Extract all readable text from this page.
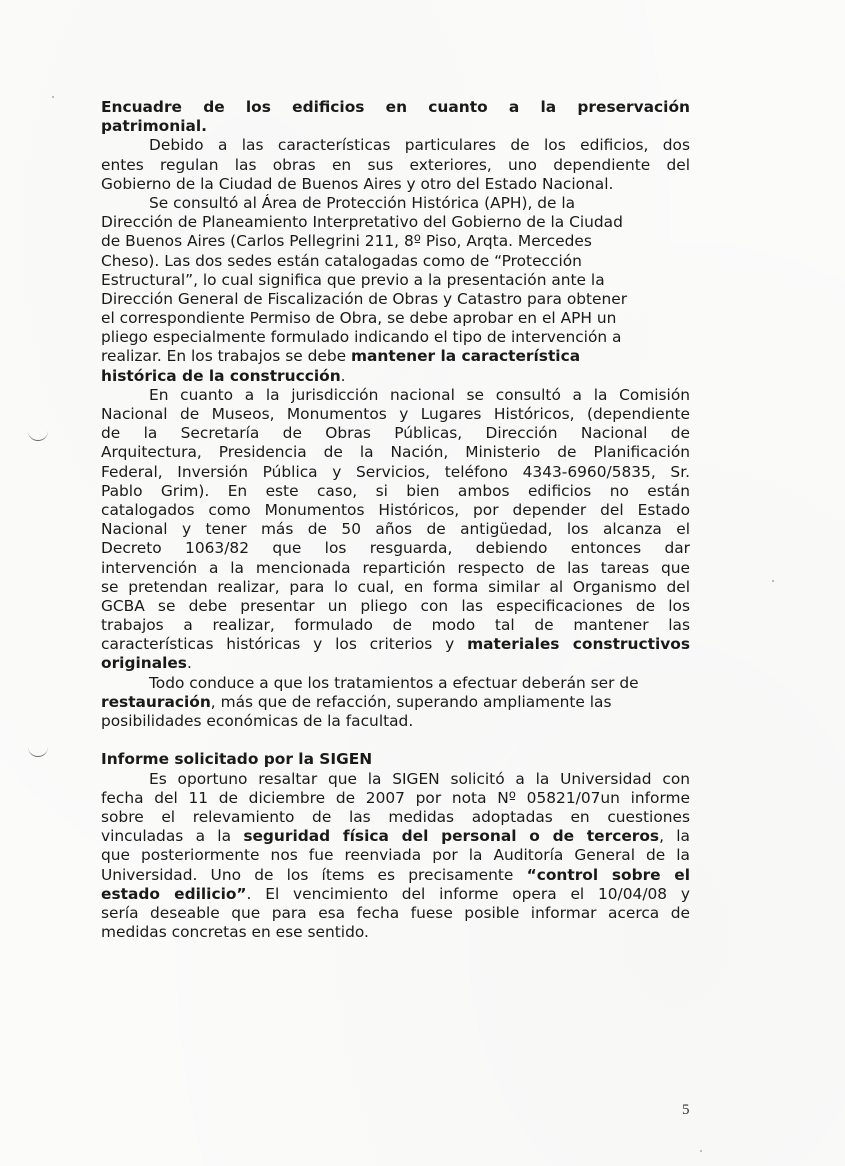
Encuadre de los edificios en cuanto a la preservación
patrimonial.
Debido a las características particulares de los edificios, dos
entes regulan las obras en sus exteriores, uno dependiente del
Gobierno de la Ciudad de Buenos Aires y otro del Estado Nacional.
Se consultó al Área de Protección Histórica (APH), de la
Dirección de Planeamiento Interpretativo del Gobierno de la Ciudad
de Buenos Aires (Carlos Pellegrini 211, 8º Piso, Arqta. Mercedes
Cheso). Las dos sedes están catalogadas como de “Protección
Estructural”, lo cual significa que previo a la presentación ante la
Dirección General de Fiscalización de Obras y Catastro para obtener
el correspondiente Permiso de Obra, se debe aprobar en el APH un
pliego especialmente formulado indicando el tipo de intervención a
realizar. En los trabajos se debe mantener la característica
histórica de la construcción.
En cuanto a la jurisdicción nacional se consultó a la Comisión
Nacional de Museos, Monumentos y Lugares Históricos, (dependiente
de la Secretaría de Obras Públicas, Dirección Nacional de
Arquitectura, Presidencia de la Nación, Ministerio de Planificación
Federal, Inversión Pública y Servicios, teléfono 4343-6960/5835, Sr.
Pablo Grim). En este caso, si bien ambos edificios no están
catalogados como Monumentos Históricos, por depender del Estado
Nacional y tener más de 50 años de antigüedad, los alcanza el
Decreto 1063/82 que los resguarda, debiendo entonces dar
intervención a la mencionada repartición respecto de las tareas que
se pretendan realizar, para lo cual, en forma similar al Organismo del
GCBA se debe presentar un pliego con las especificaciones de los
trabajos a realizar, formulado de modo tal de mantener las
características históricas y los criterios y materiales constructivos
originales.
Todo conduce a que los tratamientos a efectuar deberán ser de
restauración, más que de refacción, superando ampliamente las
posibilidades económicas de la facultad.
Informe solicitado por la SIGEN
Es oportuno resaltar que la SIGEN solicitó a la Universidad con
fecha del 11 de diciembre de 2007 por nota Nº 05821/07un informe
sobre el relevamiento de las medidas adoptadas en cuestiones
vinculadas a la seguridad física del personal o de terceros, la
que posteriormente nos fue reenviada por la Auditoría General de la
Universidad. Uno de los ítems es precisamente “control sobre el
estado edilicio”. El vencimiento del informe opera el 10/04/08 y
sería deseable que para esa fecha fuese posible informar acerca de
medidas concretas en ese sentido.
5
